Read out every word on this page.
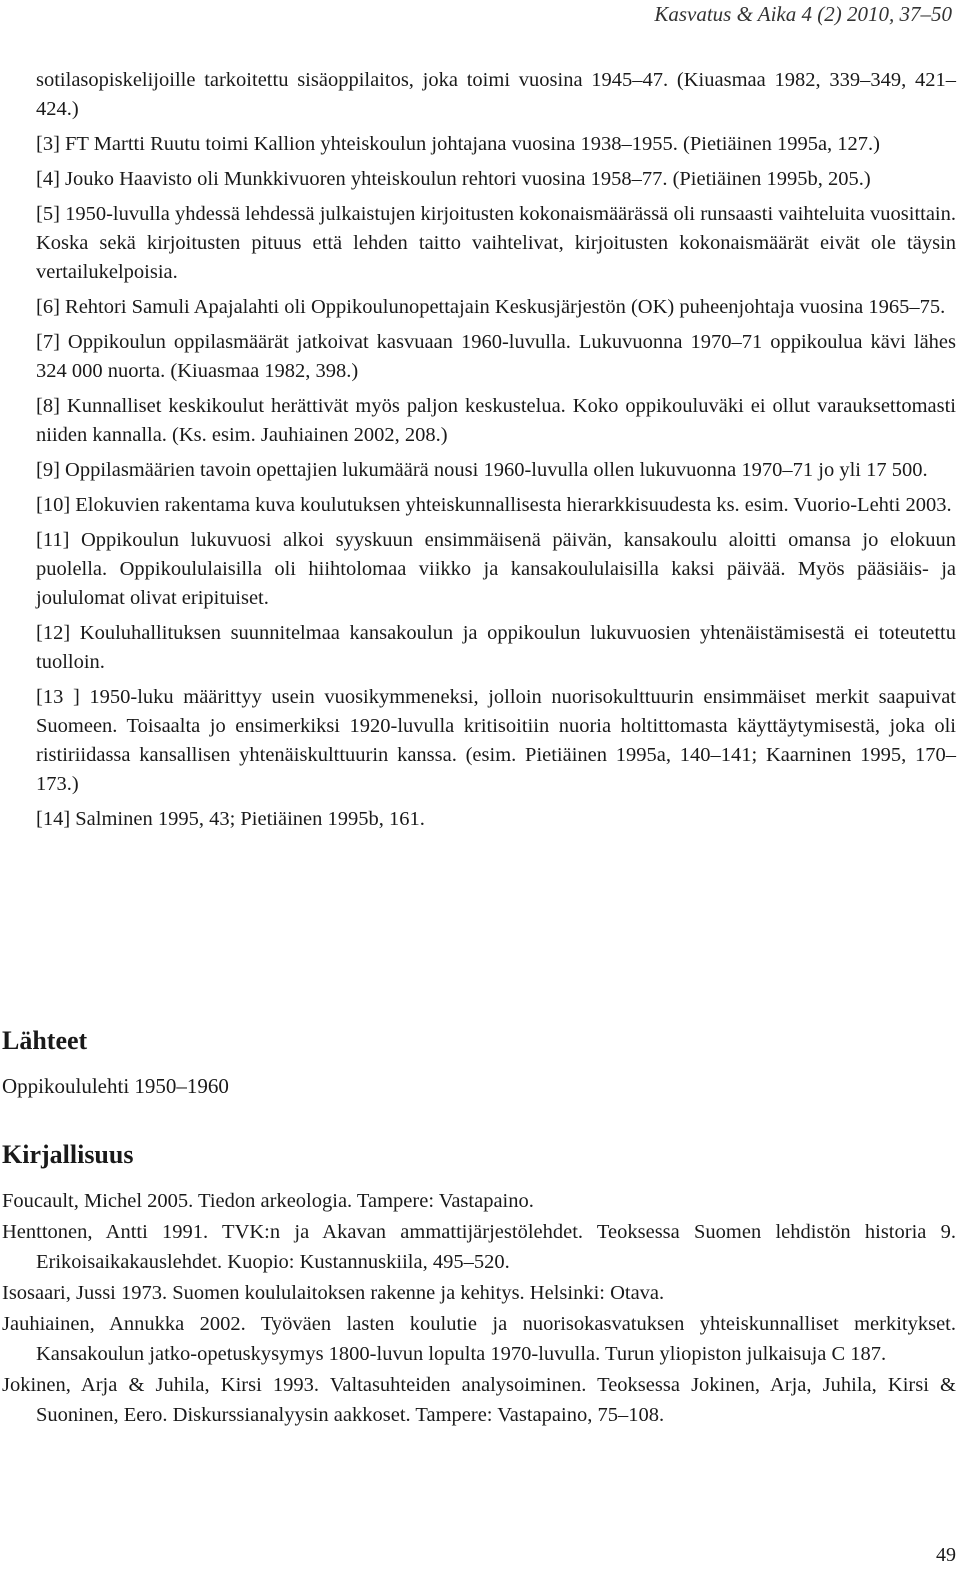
Kasvatus & Aika 4 (2) 2010, 37–50

sotilasopiskelijoille tarkoitettu sisäoppilaitos, joka toimi vuosina 1945–47. (Kiuasmaa 1982, 339–349, 421–424.)

[3] FT Martti Ruutu toimi Kallion yhteiskoulun johtajana vuosina 1938–1955. (Pietiäinen 1995a, 127.)

[4] Jouko Haavisto oli Munkkivuoren yhteiskoulun rehtori vuosina 1958–77. (Pietiäinen 1995b, 205.)

[5] 1950-luvulla yhdessä lehdessä julkaistujen kirjoitusten kokonaismäärässä oli runsaasti vaihteluita vuosittain. Koska sekä kirjoitusten pituus että lehden taitto vaihtelivat, kirjoitusten kokonaismäärät eivät ole täysin vertailukelpoisia.

[6] Rehtori Samuli Apajalahti oli Oppikoulunopettajain Keskusjärjestön (OK) puheenjohtaja vuosina 1965–75.

[7] Oppikoulun oppilasmäärät jatkoivat kasvuaan 1960-luvulla. Lukuvuonna 1970–71 oppikoulua kävi lähes 324 000 nuorta. (Kiuasmaa 1982, 398.)

[8] Kunnalliset keskikoulut herättivät myös paljon keskustelua. Koko oppikouluväki ei ollut varauksettomasti niiden kannalla. (Ks. esim. Jauhiainen 2002, 208.)

[9] Oppilasmäärien tavoin opettajien lukumäärä nousi 1960-luvulla ollen lukuvuonna 1970–71 jo yli 17 500.

[10] Elokuvien rakentama kuva koulutuksen yhteiskunnallisesta hierarkkisuudesta ks. esim. Vuorio-Lehti 2003.

[11] Oppikoulun lukuvuosi alkoi syyskuun ensimmäisenä päivän, kansakoulu aloitti omansa jo elokuun puolella. Oppikoululaisilla oli hiihtolomaa viikko ja kansakoululaisilla kaksi päivää. Myös pääsiäis- ja joululomat olivat eripituiset.

[12] Kouluhallituksen suunnitelmaa kansakoulun ja oppikoulun lukuvuosien yhtenäistämisestä ei toteutettu tuolloin.

[13 ] 1950-luku määrittyy usein vuosikymmeneksi, jolloin nuorisokulttuurin ensimmäiset merkit saapuivat Suomeen. Toisaalta jo ensimerkiksi 1920-luvulla kritisoitiin nuoria holtittomasta käyttäytymisestä, joka oli ristiriidassa kansallisen yhtenäiskulttuurin kanssa. (esim. Pietiäinen 1995a, 140–141; Kaarninen 1995, 170–173.)

[14] Salminen 1995, 43; Pietiäinen 1995b, 161.

Lähteet
Oppikoululehti 1950–1960
Kirjallisuus

Foucault, Michel 2005. Tiedon arkeologia. Tampere: Vastapaino.

Henttonen, Antti 1991. TVK:n ja Akavan ammattijärjestölehdet. Teoksessa Suomen lehdistön historia 9. Erikoisaikakauslehdet. Kuopio: Kustannuskiila, 495–520.

Isosaari, Jussi 1973. Suomen koululaitoksen rakenne ja kehitys. Helsinki: Otava.

Jauhiainen, Annukka 2002. Työväen lasten koulutie ja nuorisokasvatuksen yhteiskunnalliset merkitykset. Kansakoulun jatko-opetuskysymys 1800-luvun lopulta 1970-luvulla. Turun yliopiston julkaisuja C 187.

Jokinen, Arja & Juhila, Kirsi 1993. Valtasuhteiden analysoiminen. Teoksessa Jokinen, Arja, Juhila, Kirsi & Suoninen, Eero. Diskurssianalyysin aakkoset. Tampere: Vastapaino, 75–108.

49
